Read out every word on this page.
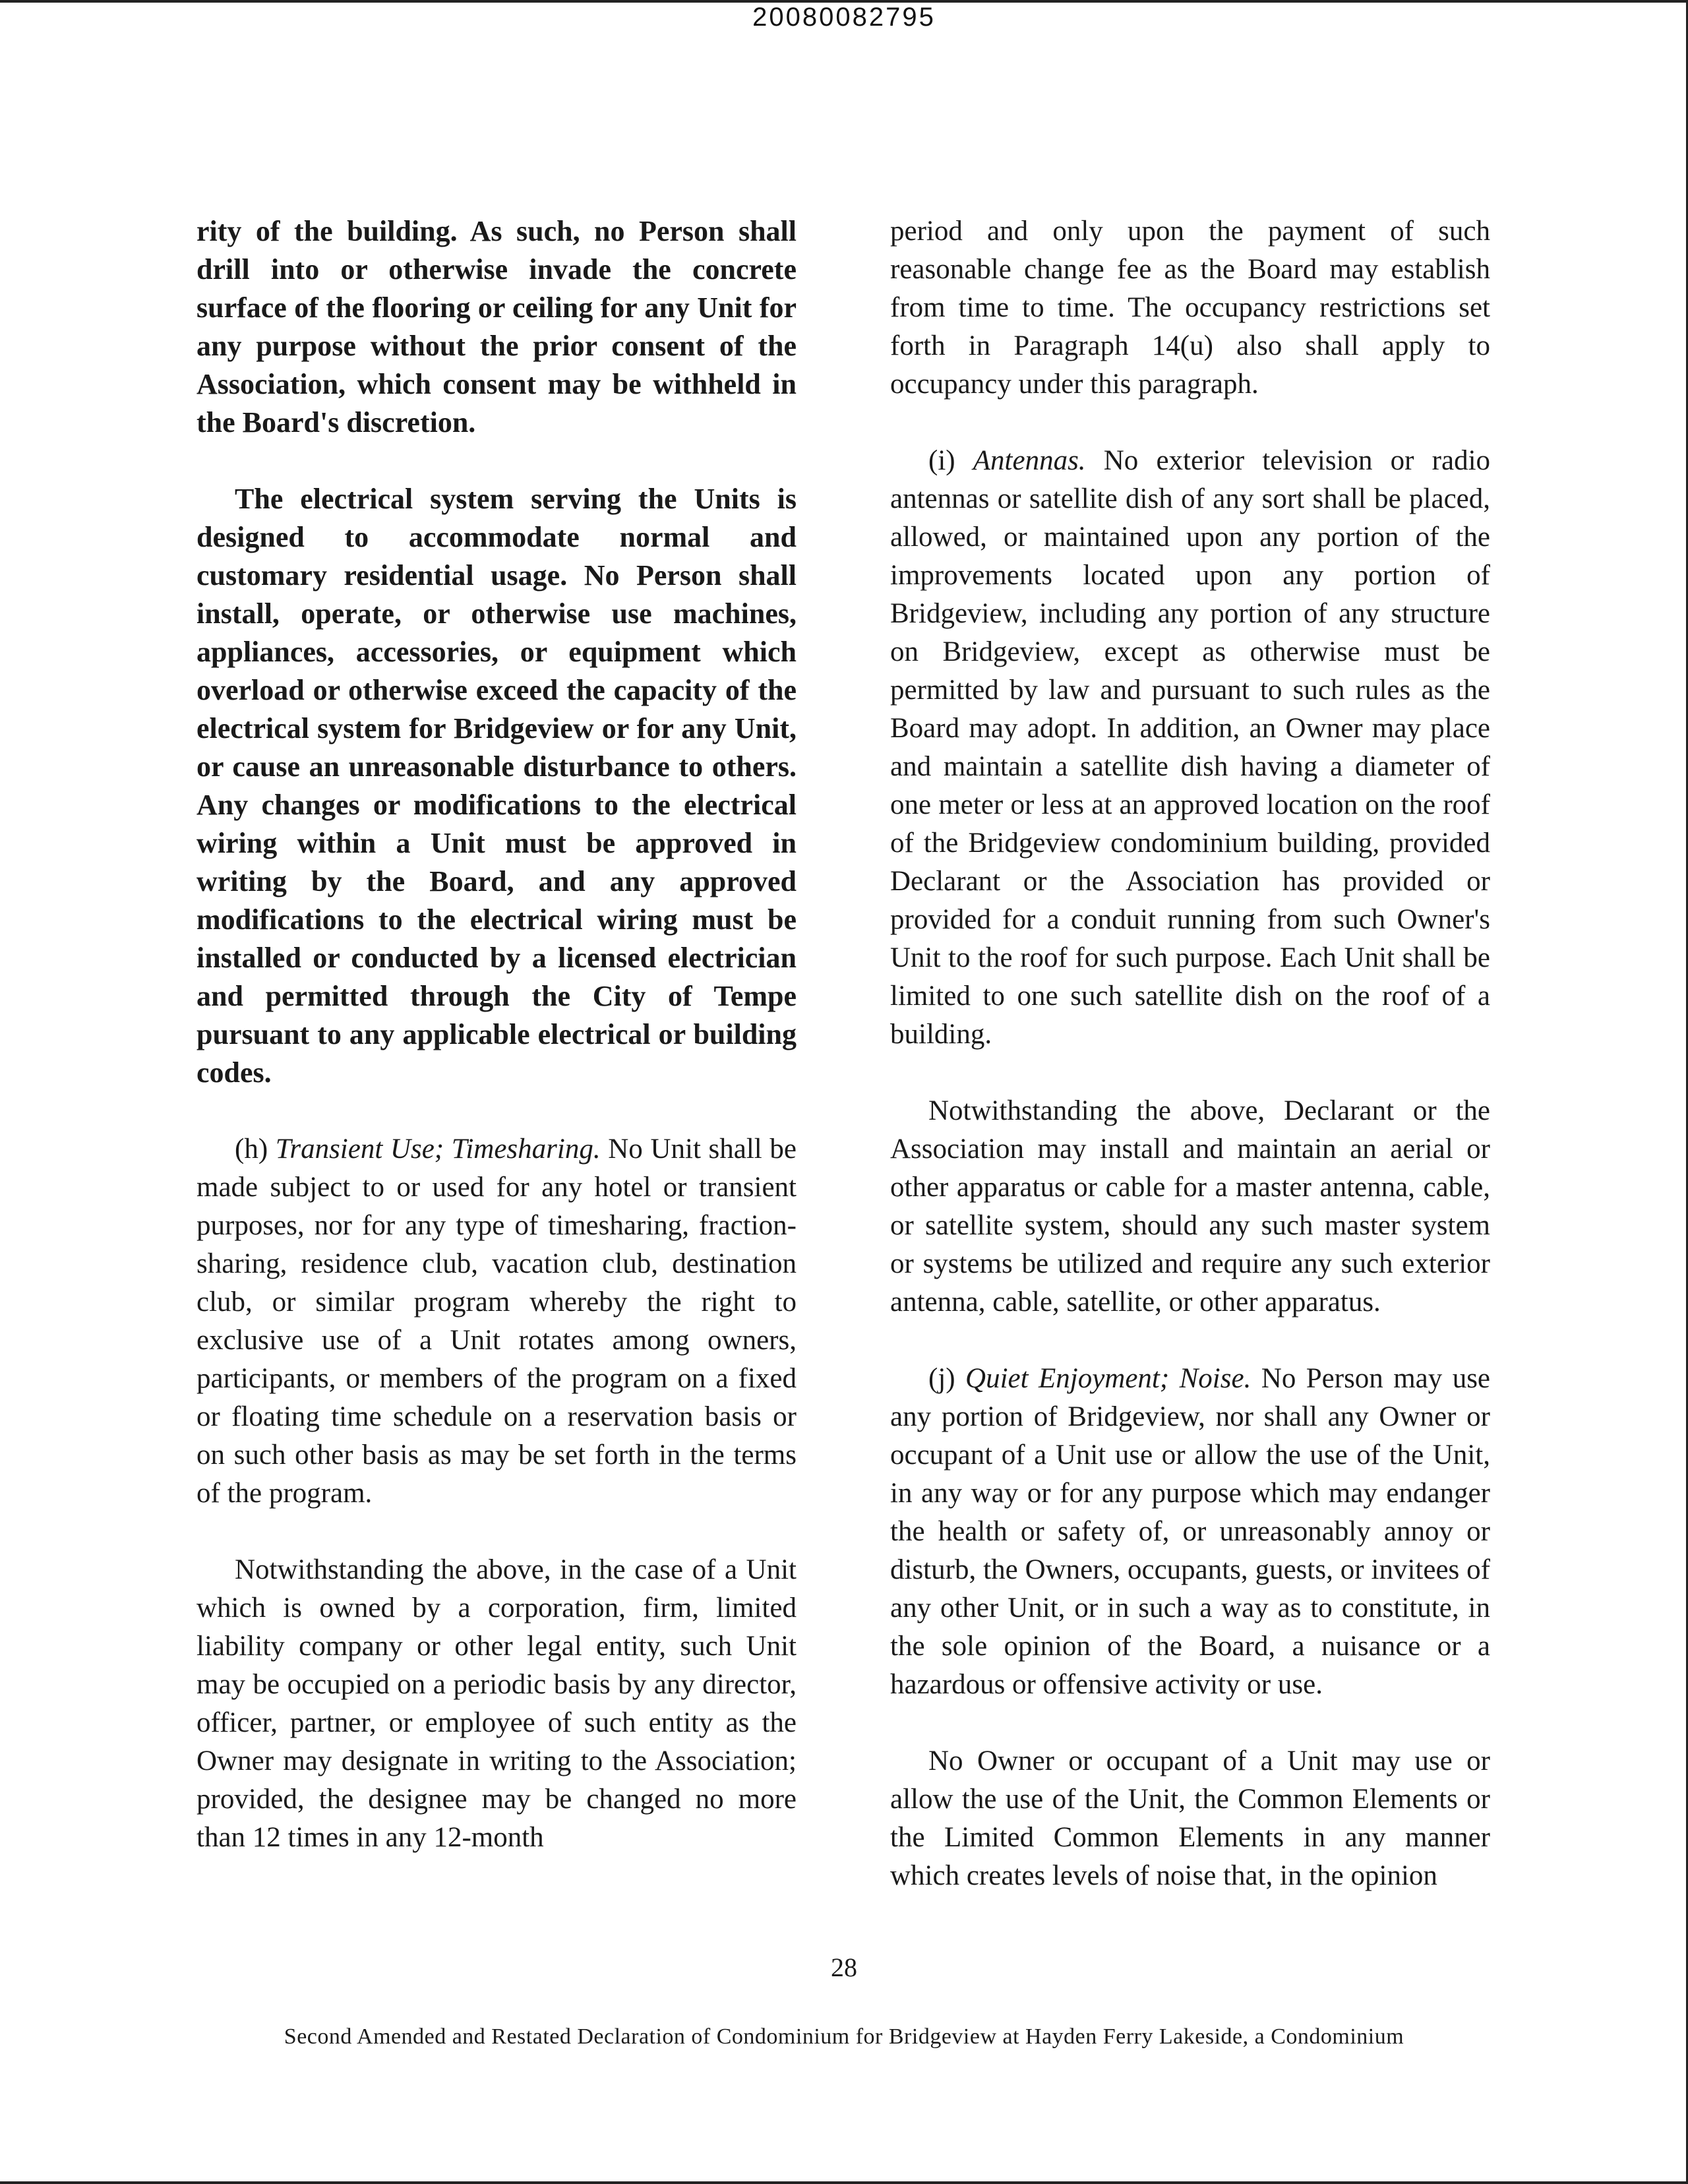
20080082795

rity of the building. As such, no Person shall drill into or otherwise invade the concrete surface of the flooring or ceiling for any Unit for any purpose without the prior consent of the Association, which consent may be withheld in the Board's discretion.

The electrical system serving the Units is designed to accommodate normal and customary residential usage. No Person shall install, operate, or otherwise use machines, appliances, accessories, or equipment which overload or otherwise exceed the capacity of the electrical system for Bridgeview or for any Unit, or cause an unreasonable disturbance to others. Any changes or modifications to the electrical wiring within a Unit must be approved in writing by the Board, and any approved modifications to the electrical wiring must be installed or conducted by a licensed electrician and permitted through the City of Tempe pursuant to any applicable electrical or building codes.

(h) Transient Use; Timesharing. No Unit shall be made subject to or used for any hotel or transient purposes, nor for any type of timesharing, fraction-sharing, residence club, vacation club, destination club, or similar program whereby the right to exclusive use of a Unit rotates among owners, participants, or members of the program on a fixed or floating time schedule on a reservation basis or on such other basis as may be set forth in the terms of the program.

Notwithstanding the above, in the case of a Unit which is owned by a corporation, firm, limited liability company or other legal entity, such Unit may be occupied on a periodic basis by any director, officer, partner, or employee of such entity as the Owner may designate in writing to the Association; provided, the designee may be changed no more than 12 times in any 12-month

period and only upon the payment of such reasonable change fee as the Board may establish from time to time. The occupancy restrictions set forth in Paragraph 14(u) also shall apply to occupancy under this paragraph.

(i) Antennas. No exterior television or radio antennas or satellite dish of any sort shall be placed, allowed, or maintained upon any portion of the improvements located upon any portion of Bridgeview, including any portion of any structure on Bridgeview, except as otherwise must be permitted by law and pursuant to such rules as the Board may adopt. In addition, an Owner may place and maintain a satellite dish having a diameter of one meter or less at an approved location on the roof of the Bridgeview condominium building, provided Declarant or the Association has provided or provided for a conduit running from such Owner's Unit to the roof for such purpose. Each Unit shall be limited to one such satellite dish on the roof of a building.

Notwithstanding the above, Declarant or the Association may install and maintain an aerial or other apparatus or cable for a master antenna, cable, or satellite system, should any such master system or systems be utilized and require any such exterior antenna, cable, satellite, or other apparatus.

(j) Quiet Enjoyment; Noise. No Person may use any portion of Bridgeview, nor shall any Owner or occupant of a Unit use or allow the use of the Unit, in any way or for any purpose which may endanger the health or safety of, or unreasonably annoy or disturb, the Owners, occupants, guests, or invitees of any other Unit, or in such a way as to constitute, in the sole opinion of the Board, a nuisance or a hazardous or offensive activity or use.

No Owner or occupant of a Unit may use or allow the use of the Unit, the Common Elements or the Limited Common Elements in any manner which creates levels of noise that, in the opinion

28
Second Amended and Restated Declaration of Condominium for Bridgeview at Hayden Ferry Lakeside, a Condominium
